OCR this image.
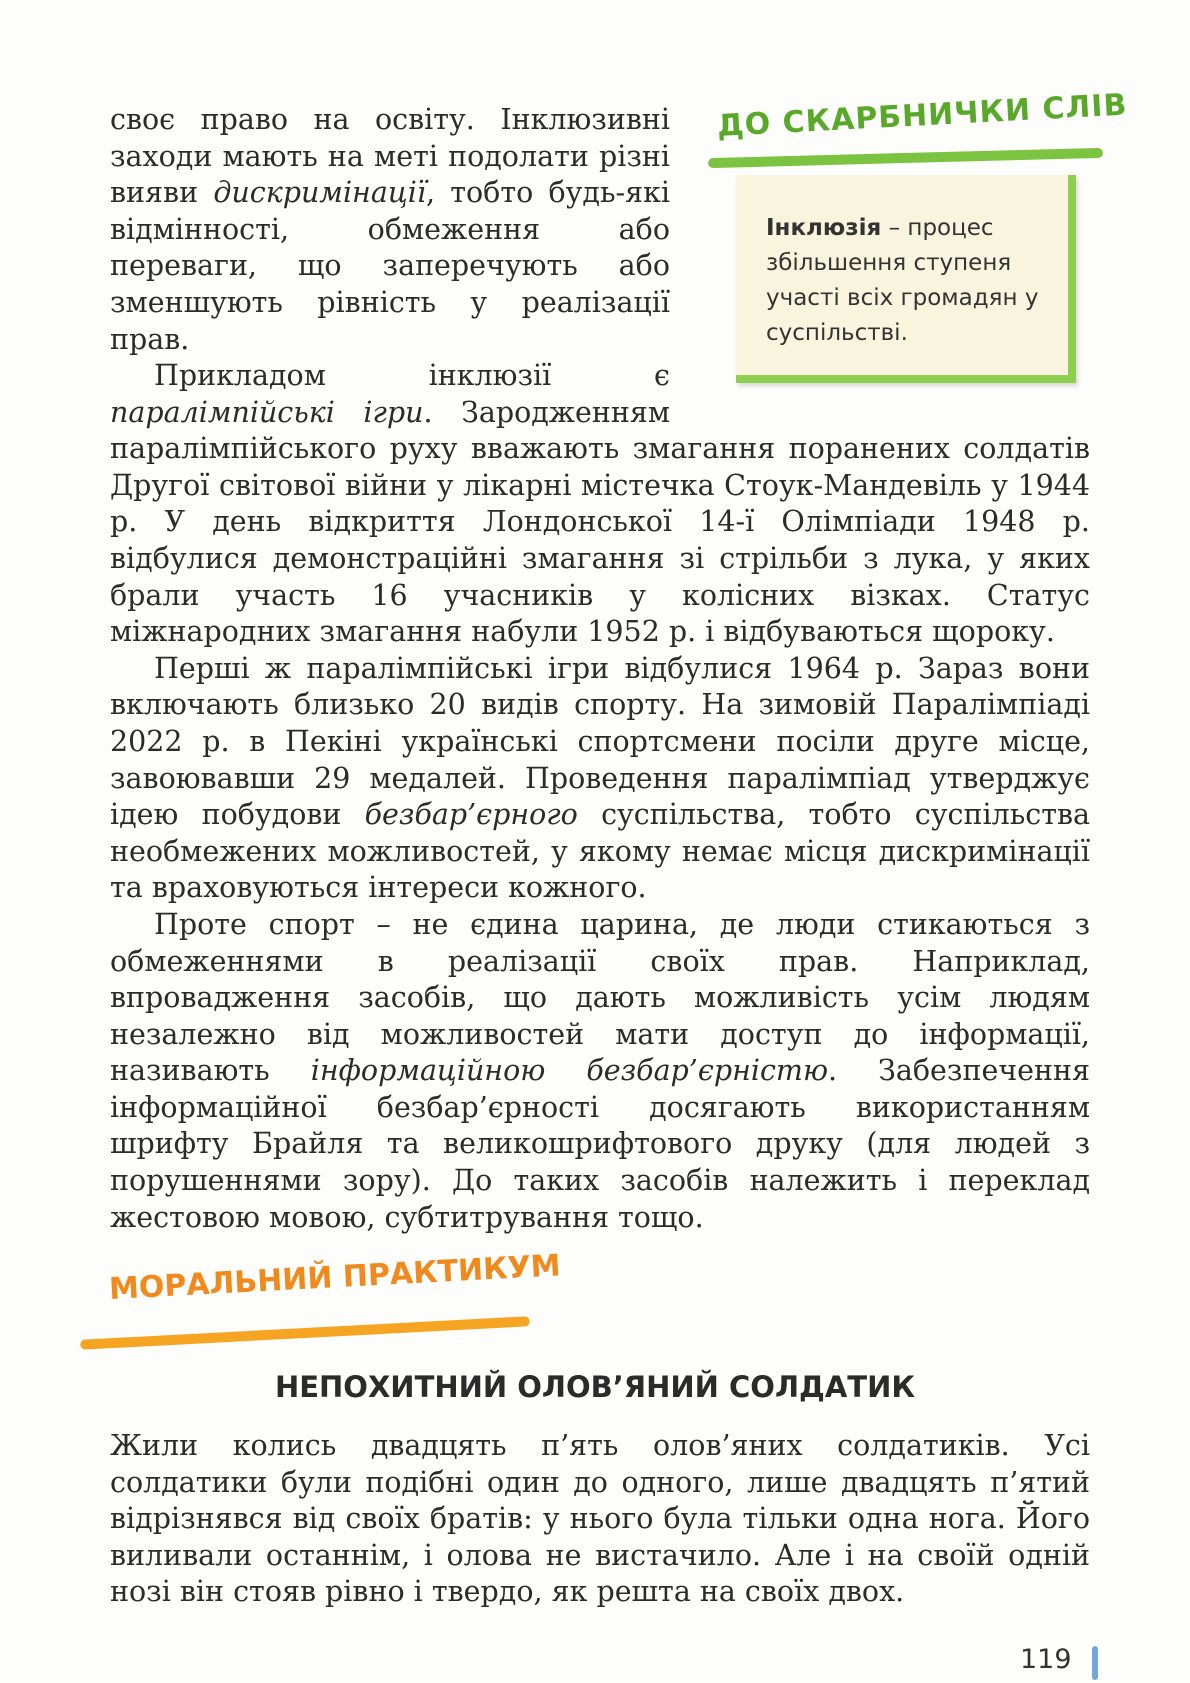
своє право на освіту. Інклюзивні заходи мають на меті подолати різні вияви дискримінації, тобто будь-які відмінності, обмеження або переваги, що заперечують або зменшують рівність у реалізації прав.
ДО СКАРБНИЧКИ СЛІВ
Інклюзія – процес збільшення ступеня участі всіх громадян у суспільстві.

Прикладом інклюзії є паралімпійські ігри. Зародженням паралімпійського руху вважають змагання поранених солдатів Другої світової війни у лікарні містечка Стоук-Мандевіль у 1944 р. У день відкриття Лондонської 14-ї Олімпіади 1948 р. відбулися демонстраційні змагання зі стрільби з лука, у яких брали участь 16 учасників у колісних візках. Статус міжнародних змагання набули 1952 р. і відбуваються щороку.

Перші ж паралімпійські ігри відбулися 1964 р. Зараз вони включають близько 20 видів спорту. На зимовій Паралімпіаді 2022 р. в Пекіні українські спортсмени посіли друге місце, завоювавши 29 медалей. Проведення паралімпіад утверджує ідею побудови безбар’єрного суспільства, тобто суспільства необмежених можливостей, у якому немає місця дискримінації та враховуються інтереси кожного.

Проте спорт – не єдина царина, де люди стикаються з обмеженнями в реалізації своїх прав. Наприклад, впровадження засобів, що дають можливість усім людям незалежно від можливостей мати доступ до інформації, називають інформаційною безбар’єрністю. Забезпечення інформаційної безбар’єрності досягають використанням шрифту Брайля та великошрифтового друку (для людей з порушеннями зору). До таких засобів належить і переклад жестовою мовою, субтитрування тощо.

МОРАЛЬНИЙ ПРАКТИКУМ
НЕПОХИТНИЙ ОЛОВ’ЯНИЙ СОЛДАТИК
Жили колись двадцять п’ять олов’яних солдатиків. Усі солдатики були подібні один до одного, лише двадцять п’ятий відрізнявся від своїх братів: у нього була тільки одна нога. Його виливали останнім, і олова не вистачило. Але і на своїй одній нозі він стояв рівно і твердо, як решта на своїх двох.
119
